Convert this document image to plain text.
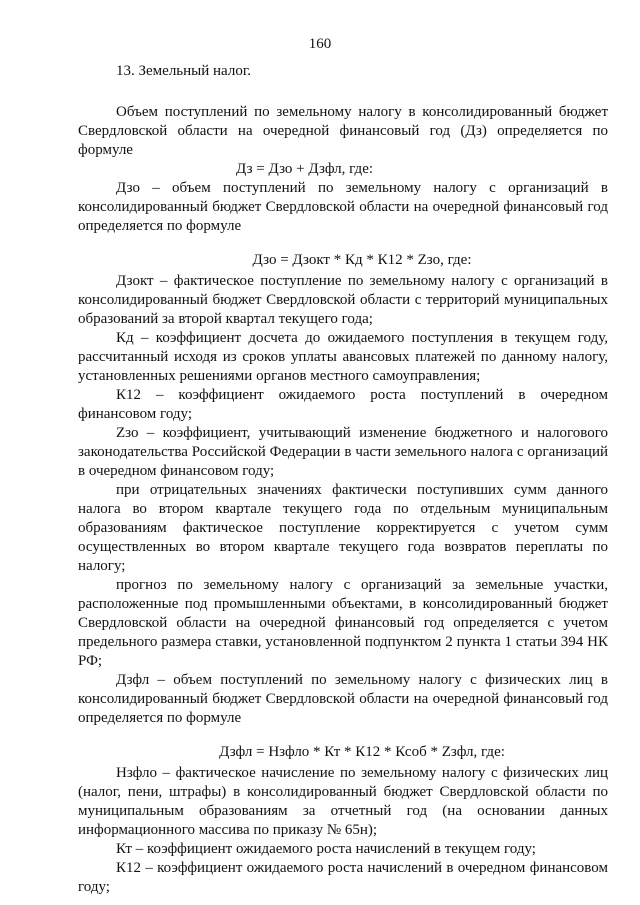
160
13. Земельный налог.

Объем поступлений по земельному налогу в консолидированный бюджет Свердловской области на очередной финансовый год (Дз) определяется по формуле

Дз = Дзо + Дзфл, где:

Дзо – объем поступлений по земельному налогу с организаций в консолидированный бюджет Свердловской области на очередной финансовый год определяется по формуле

Дзо = Дзокт * Кд * К12 * Zзо, где:

Дзокт – фактическое поступление по земельному налогу с организаций в консолидированный бюджет Свердловской области с территорий муниципальных образований за второй квартал текущего года;

Кд – коэффициент досчета до ожидаемого поступления в текущем году, рассчитанный исходя из сроков уплаты авансовых платежей по данному налогу, установленных решениями органов местного самоуправления;

К12 – коэффициент ожидаемого роста поступлений в очередном финансовом году;

Zзо – коэффициент, учитывающий изменение бюджетного и налогового законодательства Российской Федерации в части земельного налога с организаций в очередном финансовом году;

при отрицательных значениях фактически поступивших сумм данного налога во втором квартале текущего года по отдельным муниципальным образованиям фактическое поступление корректируется с учетом сумм осуществленных во втором квартале текущего года возвратов переплаты по налогу;

прогноз по земельному налогу с организаций за земельные участки, расположенные под промышленными объектами, в консолидированный бюджет Свердловской области на очередной финансовый год определяется с учетом предельного размера ставки, установленной подпунктом 2 пункта 1 статьи 394 НК РФ;

Дзфл – объем поступлений по земельному налогу с физических лиц в консолидированный бюджет Свердловской области на очередной финансовый год определяется по формуле

Дзфл = Нзфло * Кт * К12 * Ксоб * Zзфл, где:

Нзфло – фактическое начисление по земельному налогу с физических лиц (налог, пени, штрафы) в консолидированный бюджет Свердловской области по муниципальным образованиям за отчетный год (на основании данных информационного массива по приказу № 65н);

Кт – коэффициент ожидаемого роста начислений в текущем году;

К12 – коэффициент ожидаемого роста начислений в очередном финансовом году;
